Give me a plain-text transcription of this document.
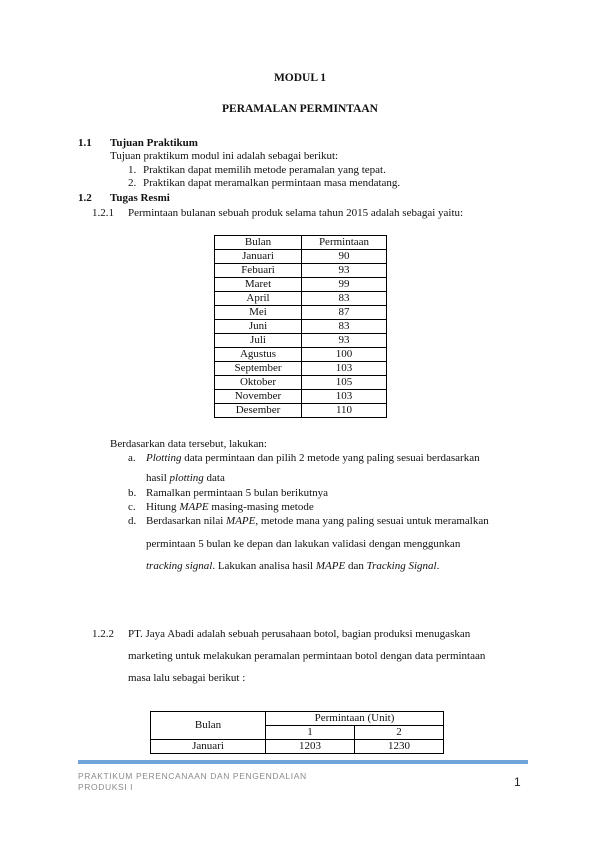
MODUL 1
PERAMALAN PERMINTAAN
1.1 Tujuan Praktikum
Tujuan praktikum modul ini adalah sebagai berikut:
1. Praktikan dapat memilih metode peramalan yang tepat.
2. Praktikan dapat meramalkan permintaan masa mendatang.
1.2 Tugas Resmi
1.2.1 Permintaan bulanan sebuah produk selama tahun 2015 adalah sebagai yaitu:
Bulan	Permintaan
Januari	90
Febuari	93
Maret	99
April	83
Mei	87
Juni	83
Juli	93
Agustus	100
September	103
Oktober	105
November	103
Desember	110
Berdasarkan data tersebut, lakukan:
a. Plotting data permintaan dan pilih 2 metode yang paling sesuai berdasarkan
hasil plotting data
b. Ramalkan permintaan 5 bulan berikutnya
c. Hitung MAPE masing-masing metode
d. Berdasarkan nilai MAPE, metode mana yang paling sesuai untuk meramalkan
permintaan 5 bulan ke depan dan lakukan validasi dengan menggunkan
tracking signal. Lakukan analisa hasil MAPE dan Tracking Signal.
1.2.2 PT. Jaya Abadi adalah sebuah perusahaan botol, bagian produksi menugaskan
marketing untuk melakukan peramalan permintaan botol dengan data permintaan
masa lalu sebagai berikut :
Bulan	Permintaan (Unit)	
	1	2
Januari	1203	1230
PRAKTIKUM PERENCANAAN DAN PENGENDALIAN
PRODUKSI I	1
